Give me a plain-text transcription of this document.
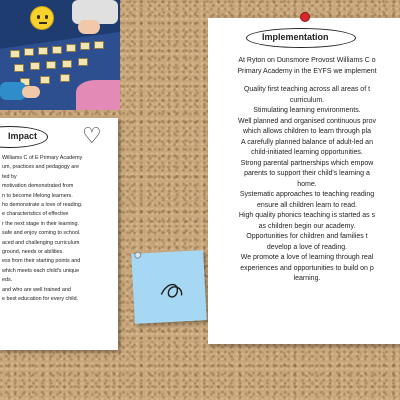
Impact ♡
Williams C of E Primary Academy
um, practices and pedagogy are
ted by
motivation demonstrated from
n to become lifelong learners.
ho demonstrate a love of reading.
e characteristics of effective
r the next stage in their learning.
safe and enjoy coming to school.
aced and challenging curriculum
ground, needs or abilities.
ess from their starting points and
which meets each child's unique
eds.
and who are well trained and
e best education for every child.
Implementation
At Ryton on Dunsmore Provost Williams C o
Primary Academy in the EYFS we implement
Quality first teaching across all areas of t
curriculum.
Stimulating learning environments.
Well planned and organised continuous prov
which allows children to learn through pla
A carefully planned balance of adult-led an
child-initiated learning opportunities.
Strong parental partnerships which empow
parents to support their child's learning a
home.
Systematic approaches to teaching reading
ensure all children learn to read.
High quality phonics teaching is started as s
as children begin our academy.
Opportunities for children and families t
develop a love of reading.
We promote a love of learning through real
experiences and opportunities to build on p
learning.
